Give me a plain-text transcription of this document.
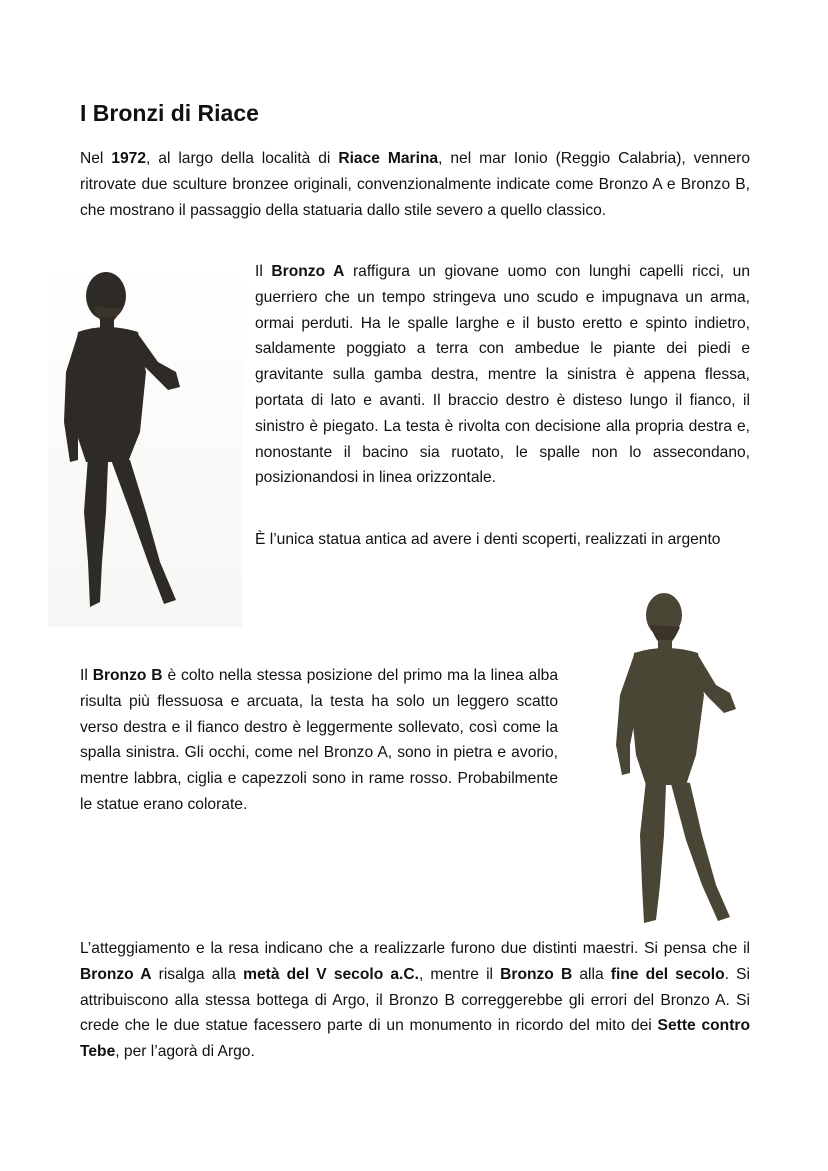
I Bronzi di Riace

Nel 1972, al largo della località di Riace Marina, nel mar Ionio (Reggio Calabria), vennero ritrovate due sculture bronzee originali, convenzionalmente indicate come Bronzo A e Bronzo B, che mostrano il passaggio della statuaria dallo stile severo a quello classico.

Il Bronzo A raffigura un giovane uomo con lunghi capelli ricci, un guerriero che un tempo stringeva uno scudo e impugnava un arma, ormai perduti. Ha le spalle larghe e il busto eretto e spinto indietro, saldamente poggiato a terra con ambedue le piante dei piedi e gravitante sulla gamba destra, mentre la sinistra è appena flessa, portata di lato e avanti. Il braccio destro è disteso lungo il fianco, il sinistro è piegato. La testa è rivolta con decisione alla propria destra e, nonostante il bacino sia ruotato, le spalle non lo assecondano, posizionandosi in linea orizzontale.

È l’unica statua antica ad avere i denti scoperti, realizzati in argento

Il Bronzo B è colto nella stessa posizione del primo ma la linea alba risulta più flessuosa e arcuata, la testa ha solo un leggero scatto verso destra e il fianco destro è leggermente sollevato, così come la spalla sinistra. Gli occhi, come nel Bronzo A, sono in pietra e avorio, mentre labbra, ciglia e capezzoli sono in rame rosso. Probabilmente le statue erano colorate.

L’atteggiamento e la resa indicano che a realizzarle furono due distinti maestri. Si pensa che il Bronzo A risalga alla metà del V secolo a.C., mentre il Bronzo B alla fine del secolo. Si attribuiscono alla stessa bottega di Argo, il Bronzo B correggerebbe gli errori del Bronzo A. Si crede che le due statue facessero parte di un monumento in ricordo del mito dei Sette contro Tebe, per l’agorà di Argo.
